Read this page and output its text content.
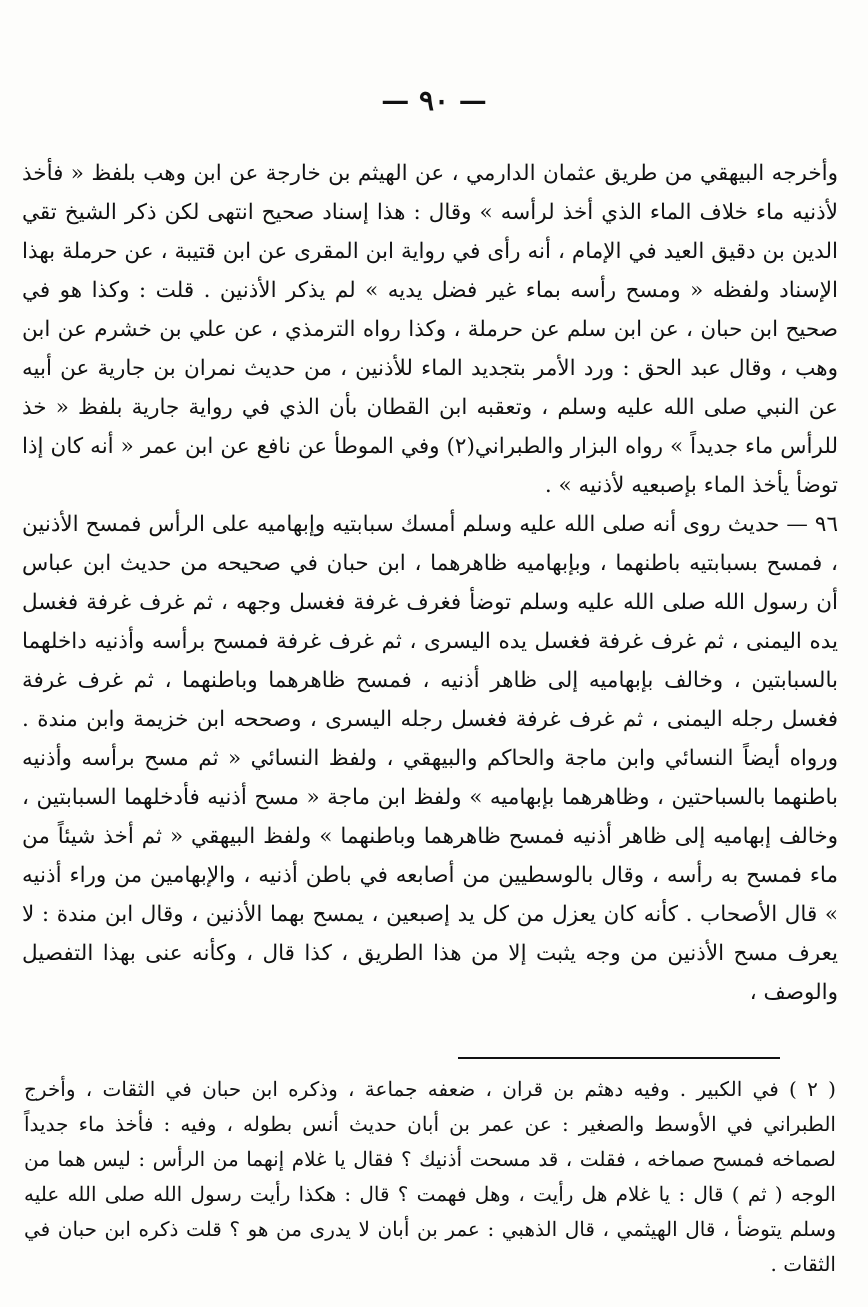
— ٩٠ —

وأخرجه البيهقي من طريق عثمان الدارمي ، عن الهيثم بن خارجة عن ابن وهب بلفظ « فأخذ لأذنيه ماء خلاف الماء الذي أخذ لرأسه » وقال : هذا إسناد صحيح انتهى لكن ذكر الشيخ تقي الدين بن دقيق العيد في الإمام ، أنه رأى في رواية ابن المقرى عن ابن قتيبة ، عن حرملة بهذا الإسناد ولفظه « ومسح رأسه بماء غير فضل يديه » لم يذكر الأذنين . قلت : وكذا هو في صحيح ابن حبان ، عن ابن سلم عن حرملة ، وكذا رواه الترمذي ، عن علي بن خشرم عن ابن وهب ، وقال عبد الحق : ورد الأمر بتجديد الماء للأذنين ، من حديث نمران بن جارية عن أبيه عن النبي صلى الله عليه وسلم ، وتعقبه ابن القطان بأن الذي في رواية جارية بلفظ « خذ للرأس ماء جديداً » رواه البزار والطبراني(٢) وفي الموطأ عن نافع عن ابن عمر « أنه كان إذا توضأ يأخذ الماء بإصبعيه لأذنيه » .

٩٦ — حديث روى أنه صلى الله عليه وسلم أمسك سبابتيه وإبهاميه على الرأس فمسح الأذنين ، فمسح بسبابتيه باطنهما ، وبإبهاميه ظاهرهما ، ابن حبان في صحيحه من حديث ابن عباس أن رسول الله صلى الله عليه وسلم توضأ فغرف غرفة فغسل وجهه ، ثم غرف غرفة فغسل يده اليمنى ، ثم غرف غرفة فغسل يده اليسرى ، ثم غرف غرفة فمسح برأسه وأذنيه داخلهما بالسبابتين ، وخالف بإبهاميه إلى ظاهر أذنيه ، فمسح ظاهرهما وباطنهما ، ثم غرف غرفة فغسل رجله اليمنى ، ثم غرف غرفة فغسل رجله اليسرى ، وصححه ابن خزيمة وابن مندة . ورواه أيضاً النسائي وابن ماجة والحاكم والبيهقي ، ولفظ النسائي « ثم مسح برأسه وأذنيه باطنهما بالسباحتين ، وظاهرهما بإبهاميه » ولفظ ابن ماجة « مسح أذنيه فأدخلهما السبابتين ، وخالف إبهاميه إلى ظاهر أذنيه فمسح ظاهرهما وباطنهما » ولفظ البيهقي « ثم أخذ شيئاً من ماء فمسح به رأسه ، وقال بالوسطيين من أصابعه في باطن أذنيه ، والإبهامين من وراء أذنيه » قال الأصحاب . كأنه كان يعزل من كل يد إصبعين ، يمسح بهما الأذنين ، وقال ابن مندة : لا يعرف مسح الأذنين من وجه يثبت إلا من هذا الطريق ، كذا قال ، وكأنه عنى بهذا التفصيل والوصف ،

( ٢ ) في الكبير . وفيه دهثم بن قران ، ضعفه جماعة ، وذكره ابن حبان في الثقات ، وأخرج الطبراني في الأوسط والصغير : عن عمر بن أبان حديث أنس بطوله ، وفيه : فأخذ ماء جديداً لصماخه فمسح صماخه ، فقلت ، قد مسحت أذنيك ؟ فقال يا غلام إنهما من الرأس : ليس هما من الوجه ( ثم ) قال : يا غلام هل رأيت ، وهل فهمت ؟ قال : هكذا رأيت رسول الله صلى الله عليه وسلم يتوضأ ، قال الهيثمي ، قال الذهبي : عمر بن أبان لا يدرى من هو ؟ قلت ذكره ابن حبان في الثقات .
